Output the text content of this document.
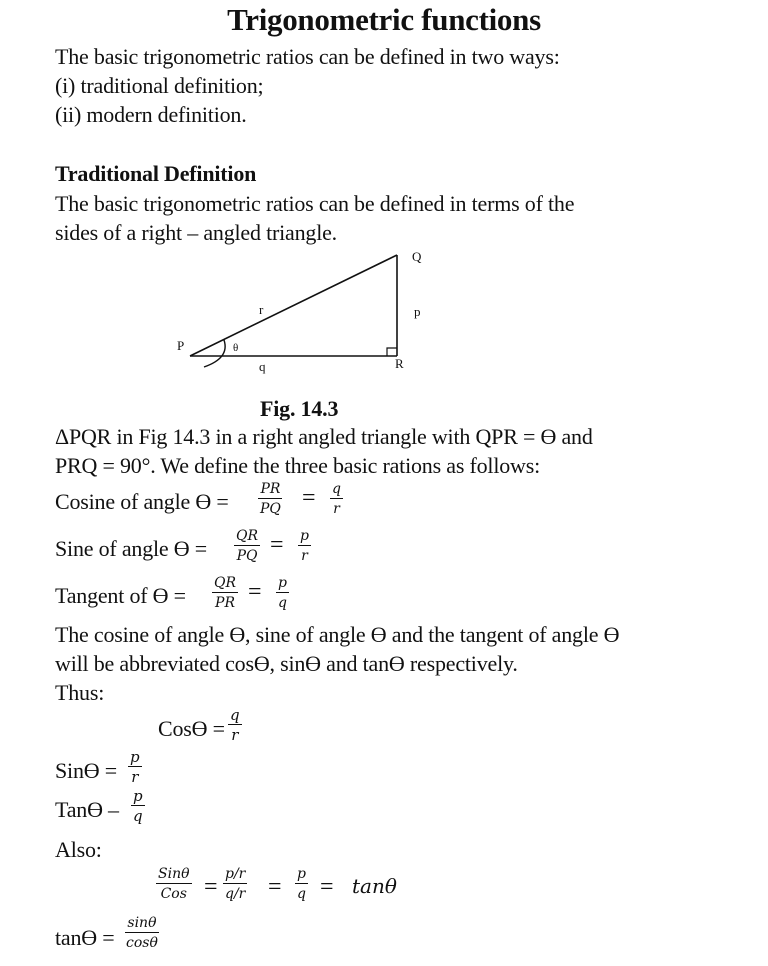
Trigonometric functions
The basic trigonometric ratios can be defined in two ways:
(i) traditional definition;
(ii) modern definition.
Traditional Definition
The basic trigonometric ratios can be defined in terms of the
sides of a right – angled triangle.
Q
p
r
P	θ
q	R
Fig. 14.3
ΔPQR in Fig 14.3 in a right angled triangle with QPR = ϴ and
PRQ = 90°. We define the three basic rations as follows:
Cosine of angle $ϴ = \frac{PR}{PQ} = \frac{q}{r}$
Sine of angle $ϴ = \frac{QR}{PQ} = \frac{p}{r}$
Tangent of $ϴ = \frac{QR}{PR} = \frac{p}{q}$
The cosine of angle ϴ, sine of angle ϴ and the tangent of angle ϴ
will be abbreviated cosϴ, sinϴ and tanϴ respectively.
Thus:
$Cosϴ = \frac{q}{r}$
$Sinϴ = \frac{p}{r}$
Tanϴ – $\frac{p}{q}$
Also:
Sinθ
Cos = $\frac{p/r}{q/r} = \frac{p}{q} = \tan\theta$
$\tan ϴ = \frac{\sin\theta}{\cos\theta}$
